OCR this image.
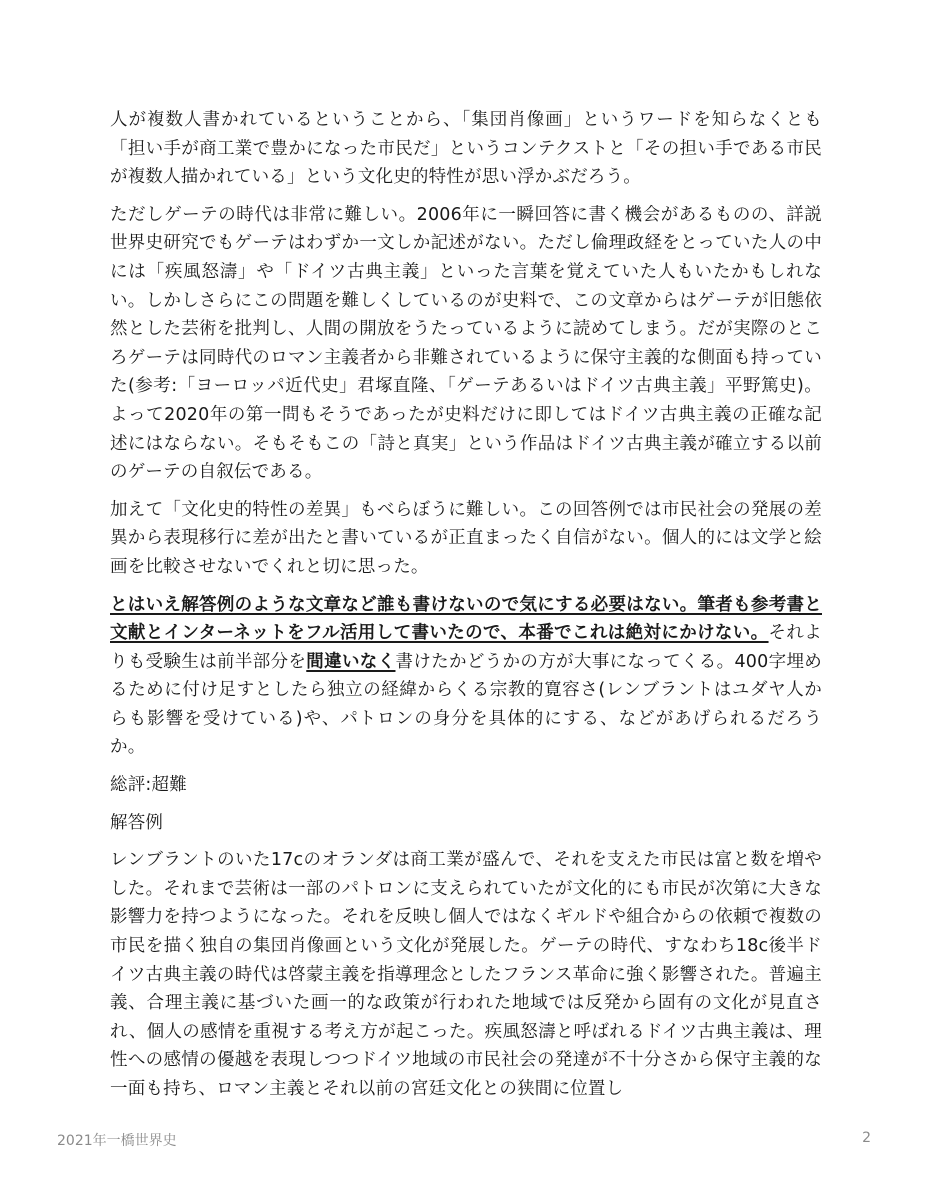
人が複数人書かれているということから、「集団肖像画」というワードを知らなくとも「担い手が商工業で豊かになった市民だ」というコンテクストと「その担い手である市民が複数人描かれている」という文化史的特性が思い浮かぶだろう。

ただしゲーテの時代は非常に難しい。2006年に一瞬回答に書く機会があるものの、詳説世界史研究でもゲーテはわずか一文しか記述がない。ただし倫理政経をとっていた人の中には「疾風怒濤」や「ドイツ古典主義」といった言葉を覚えていた人もいたかもしれない。しかしさらにこの問題を難しくしているのが史料で、この文章からはゲーテが旧態依然とした芸術を批判し、人間の開放をうたっているように読めてしまう。だが実際のところゲーテは同時代のロマン主義者から非難されているように保守主義的な側面も持っていた(参考:「ヨーロッパ近代史」君塚直隆、「ゲーテあるいはドイツ古典主義」平野篤史)。よって2020年の第一問もそうであったが史料だけに即してはドイツ古典主義の正確な記述にはならない。そもそもこの「詩と真実」という作品はドイツ古典主義が確立する以前のゲーテの自叙伝である。

加えて「文化史的特性の差異」もべらぼうに難しい。この回答例では市民社会の発展の差異から表現移行に差が出たと書いているが正直まったく自信がない。個人的には文学と絵画を比較させないでくれと切に思った。

とはいえ解答例のような文章など誰も書けないので気にする必要はない。筆者も参考書と文献とインターネットをフル活用して書いたので、本番でこれは絶対にかけない。それよりも受験生は前半部分を間違いなく書けたかどうかの方が大事になってくる。400字埋めるために付け足すとしたら独立の経緯からくる宗教的寛容さ(レンブラントはユダヤ人からも影響を受けている)や、パトロンの身分を具体的にする、などがあげられるだろうか。

総評:超難

解答例

レンブラントのいた17cのオランダは商工業が盛んで、それを支えた市民は富と数を増やした。それまで芸術は一部のパトロンに支えられていたが文化的にも市民が次第に大きな影響力を持つようになった。それを反映し個人ではなくギルドや組合からの依頼で複数の市民を描く独自の集団肖像画という文化が発展した。ゲーテの時代、すなわち18c後半ドイツ古典主義の時代は啓蒙主義を指導理念としたフランス革命に強く影響された。普遍主義、合理主義に基づいた画一的な政策が行われた地域では反発から固有の文化が見直され、個人の感情を重視する考え方が起こった。疾風怒濤と呼ばれるドイツ古典主義は、理性への感情の優越を表現しつつドイツ地域の市民社会の発達が不十分さから保守主義的な一面も持ち、ロマン主義とそれ以前の宮廷文化との狭間に位置し

2021年一橋世界史	2
